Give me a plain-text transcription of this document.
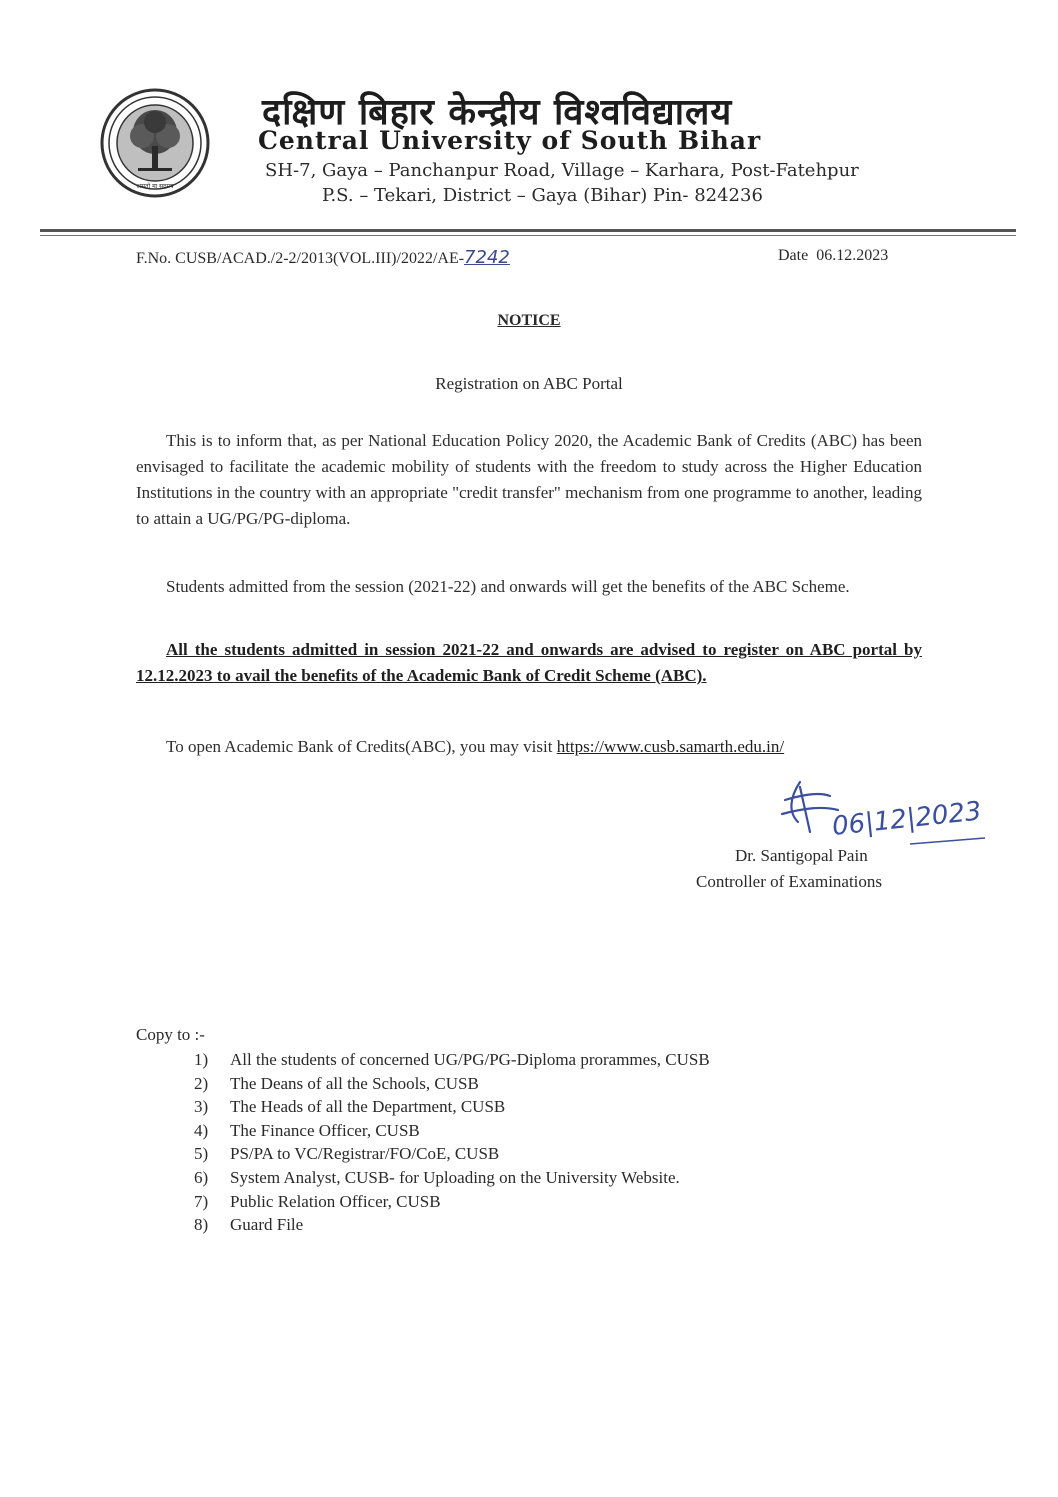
असतो मा सद्गमय
दक्षिण बिहार केन्द्रीय विश्वविद्यालय
Central University of South Bihar
SH-7, Gaya – Panchanpur Road, Village – Karhara, Post-Fatehpur
P.S. – Tekari, District – Gaya (Bihar) Pin- 824236
F.No. CUSB/ACAD./2-2/2013(VOL.III)/2022/AE-7242	Date 06.12.2023
NOTICE
Registration on ABC Portal
This is to inform that, as per National Education Policy 2020, the Academic Bank of Credits (ABC) has been envisaged to facilitate the academic mobility of students with the freedom to study across the Higher Education Institutions in the country with an appropriate "credit transfer" mechanism from one programme to another, leading to attain a UG/PG/PG-diploma.
Students admitted from the session (2021-22) and onwards will get the benefits of the ABC Scheme.
All the students admitted in session 2021-22 and onwards are advised to register on ABC portal by 12.12.2023 to avail the benefits of the Academic Bank of Credit Scheme (ABC).
To open Academic Bank of Credits(ABC), you may visit https://www.cusb.samarth.edu.in/
06|12|2023
Dr. Santigopal Pain
Controller of Examinations
Copy to :-
1) All the students of concerned UG/PG/PG-Diploma prorammes, CUSB
2) The Deans of all the Schools, CUSB
3) The Heads of all the Department, CUSB
4) The Finance Officer, CUSB
5) PS/PA to VC/Registrar/FO/CoE, CUSB
6) System Analyst, CUSB- for Uploading on the University Website.
7) Public Relation Officer, CUSB
8) Guard File
